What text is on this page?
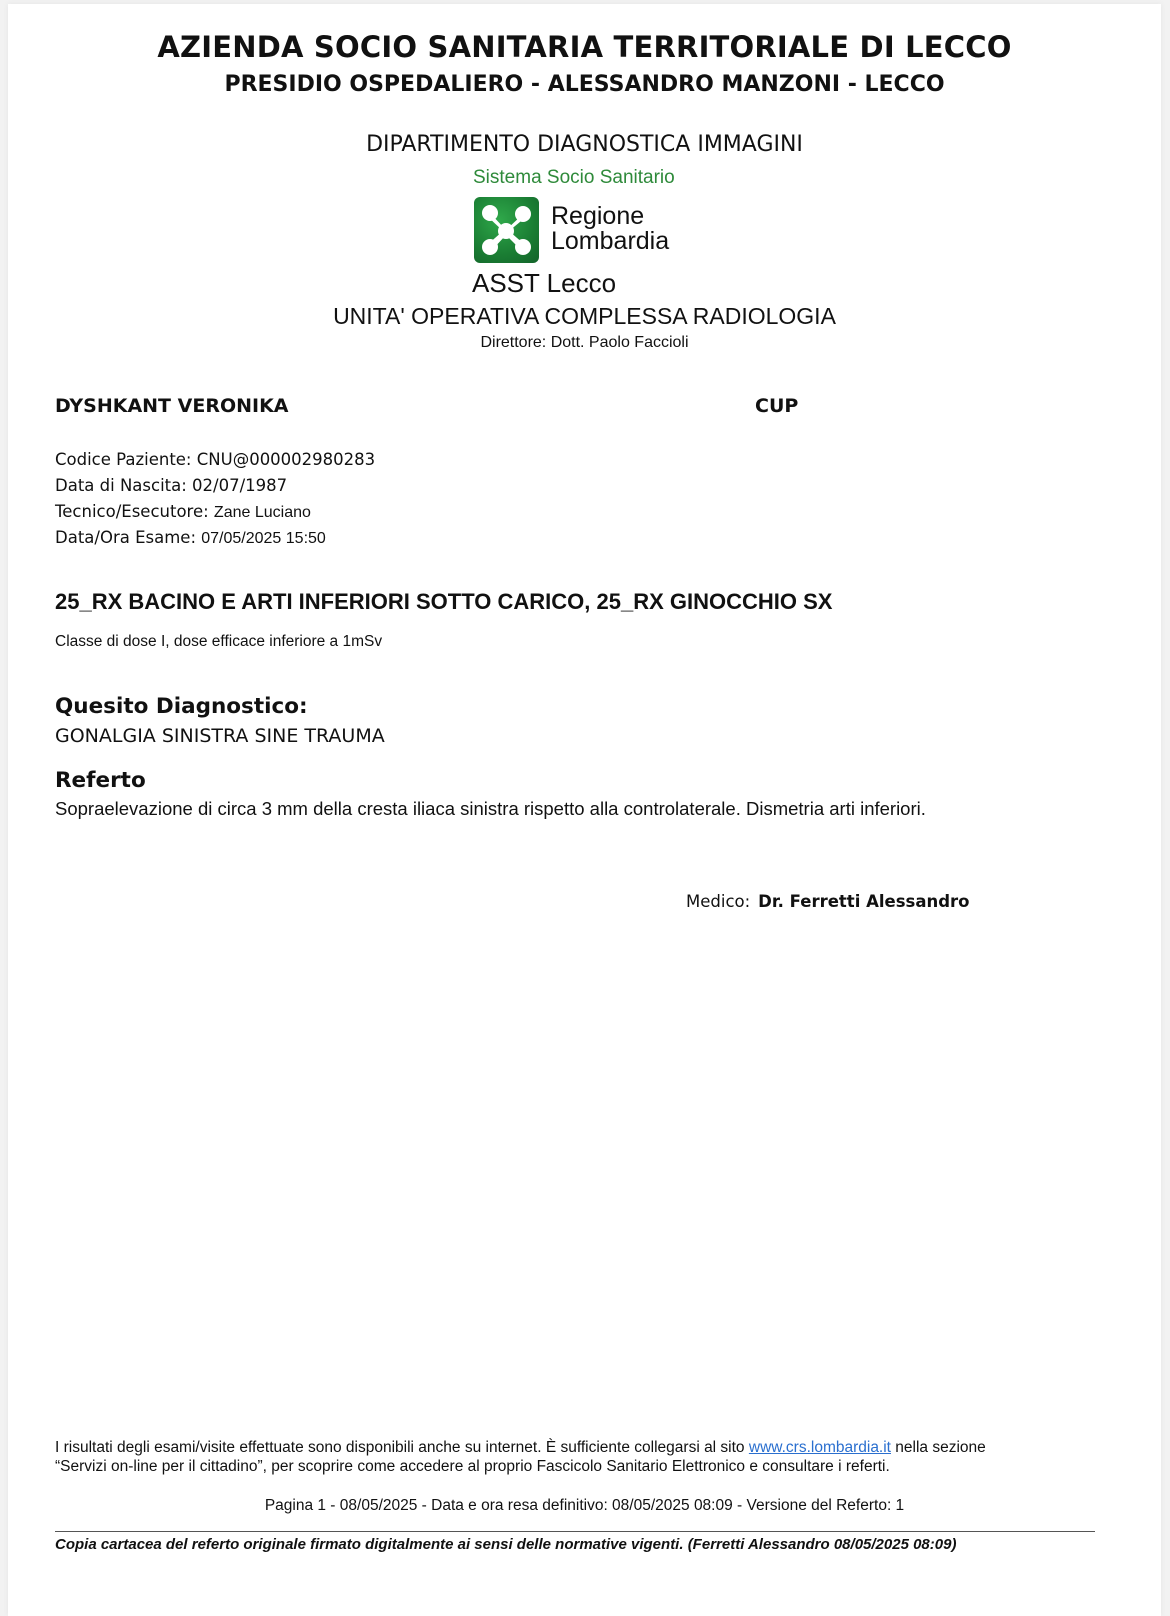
AZIENDA SOCIO SANITARIA TERRITORIALE DI LECCO
PRESIDIO OSPEDALIERO - ALESSANDRO MANZONI - LECCO
DIPARTIMENTO DIAGNOSTICA IMMAGINI
Sistema Socio Sanitario
Regione
Lombardia
ASST Lecco
UNITA' OPERATIVA COMPLESSA RADIOLOGIA
Direttore: Dott. Paolo Faccioli
DYSHKANT VERONIKA	CUP
Codice Paziente: CNU@000002980283
Data di Nascita: 02/07/1987
Tecnico/Esecutore: Zane Luciano
Data/Ora Esame: 07/05/2025 15:50
25_RX BACINO E ARTI INFERIORI SOTTO CARICO, 25_RX GINOCCHIO SX
Classe di dose I, dose efficace inferiore a 1mSv
Quesito Diagnostico:
GONALGIA SINISTRA SINE TRAUMA
Referto
Sopraelevazione di circa 3 mm della cresta iliaca sinistra rispetto alla controlaterale. Dismetria arti inferiori.
Medico: Dr. Ferretti Alessandro
I risultati degli esami/visite effettuate sono disponibili anche su internet. È sufficiente collegarsi al sito www.crs.lombardia.it nella sezione
“Servizi on-line per il cittadino”, per scoprire come accedere al proprio Fascicolo Sanitario Elettronico e consultare i referti.
Pagina 1 - 08/05/2025 - Data e ora resa definitivo: 08/05/2025 08:09 - Versione del Referto: 1
Copia cartacea del referto originale firmato digitalmente ai sensi delle normative vigenti. (Ferretti Alessandro 08/05/2025 08:09)
